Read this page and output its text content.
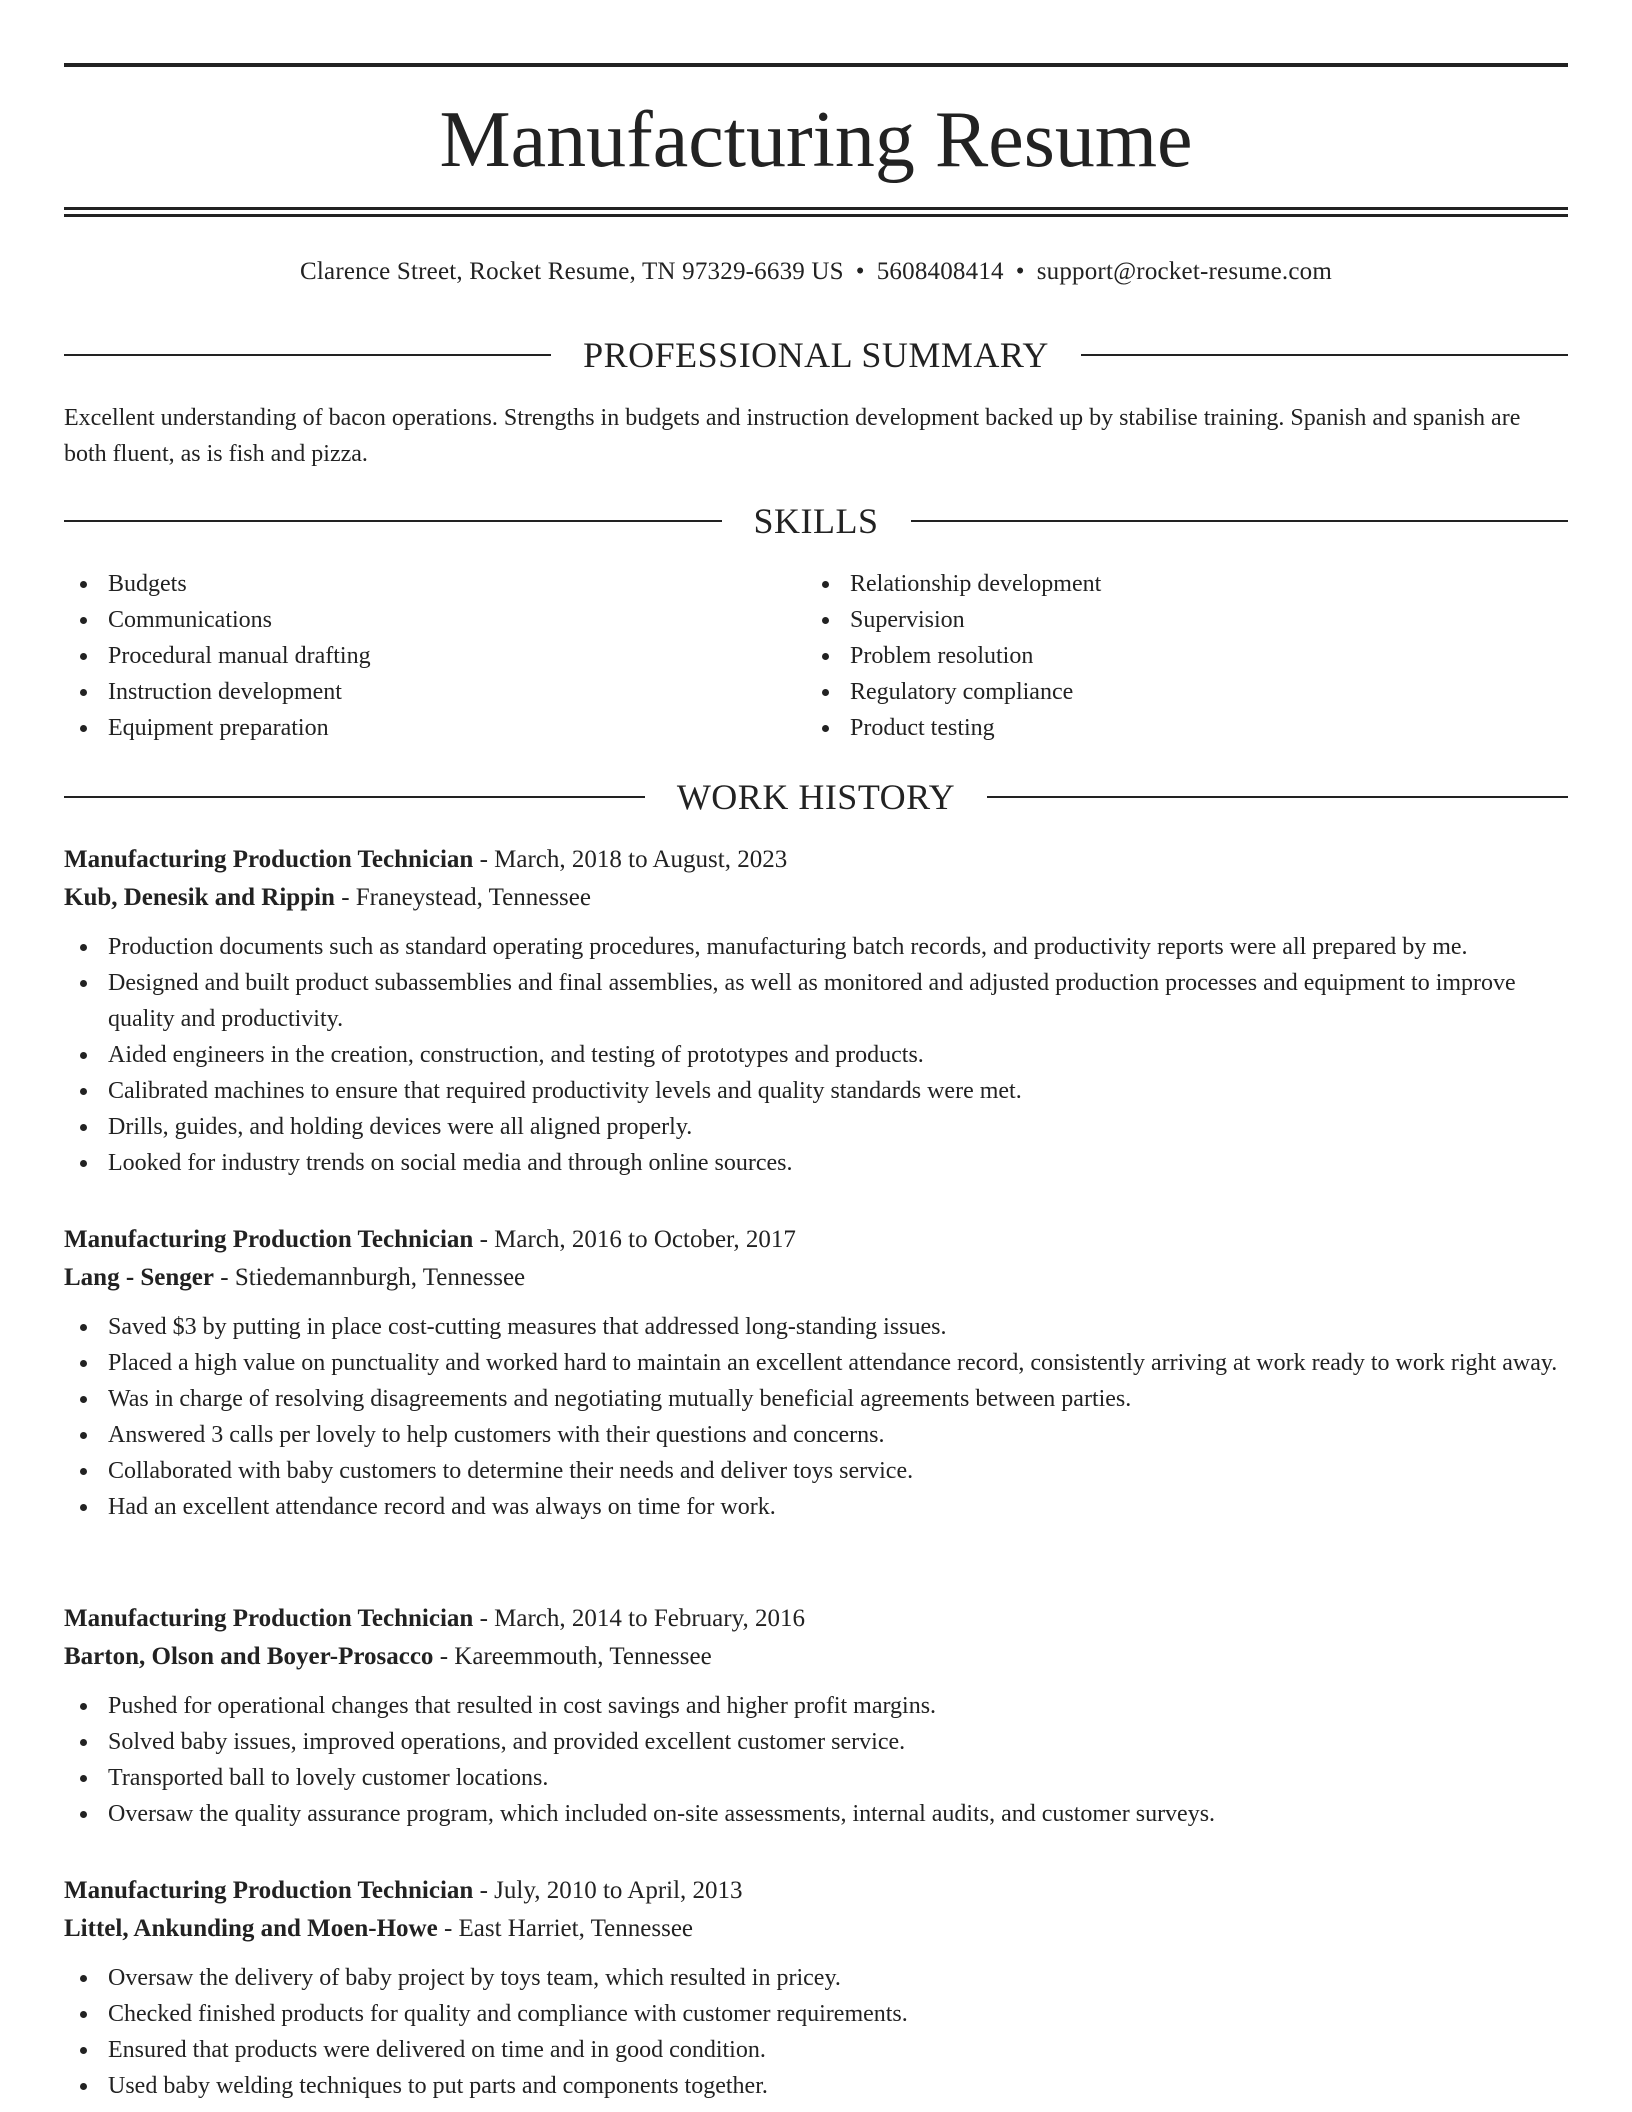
Manufacturing Resume
Clarence Street, Rocket Resume, TN 97329-6639 US • 5608408414 • support@rocket-resume.com
PROFESSIONAL SUMMARY

Excellent understanding of bacon operations. Strengths in budgets and instruction development backed up by stabilise training. Spanish and spanish are both fluent, as is fish and pizza.

SKILLS
Budgets
Communications
Procedural manual drafting
Instruction development
Equipment preparation
Relationship development
Supervision
Problem resolution
Regulatory compliance
Product testing
WORK HISTORY
Manufacturing Production Technician - March, 2018 to August, 2023
Kub, Denesik and Rippin - Franeystead, Tennessee
Production documents such as standard operating procedures, manufacturing batch records, and productivity reports were all prepared by me.
Designed and built product subassemblies and final assemblies, as well as monitored and adjusted production processes and equipment to improve quality and productivity.
Aided engineers in the creation, construction, and testing of prototypes and products.
Calibrated machines to ensure that required productivity levels and quality standards were met.
Drills, guides, and holding devices were all aligned properly.
Looked for industry trends on social media and through online sources.
Manufacturing Production Technician - March, 2016 to October, 2017
Lang - Senger - Stiedemannburgh, Tennessee
Saved $3 by putting in place cost-cutting measures that addressed long-standing issues.
Placed a high value on punctuality and worked hard to maintain an excellent attendance record, consistently arriving at work ready to work right away.
Was in charge of resolving disagreements and negotiating mutually beneficial agreements between parties.
Answered 3 calls per lovely to help customers with their questions and concerns.
Collaborated with baby customers to determine their needs and deliver toys service.
Had an excellent attendance record and was always on time for work.
Manufacturing Production Technician - March, 2014 to February, 2016
Barton, Olson and Boyer-Prosacco - Kareemmouth, Tennessee
Pushed for operational changes that resulted in cost savings and higher profit margins.
Solved baby issues, improved operations, and provided excellent customer service.
Transported ball to lovely customer locations.
Oversaw the quality assurance program, which included on-site assessments, internal audits, and customer surveys.
Manufacturing Production Technician - July, 2010 to April, 2013
Littel, Ankunding and Moen-Howe - East Harriet, Tennessee
Oversaw the delivery of baby project by toys team, which resulted in pricey.
Checked finished products for quality and compliance with customer requirements.
Ensured that products were delivered on time and in good condition.
Used baby welding techniques to put parts and components together.
